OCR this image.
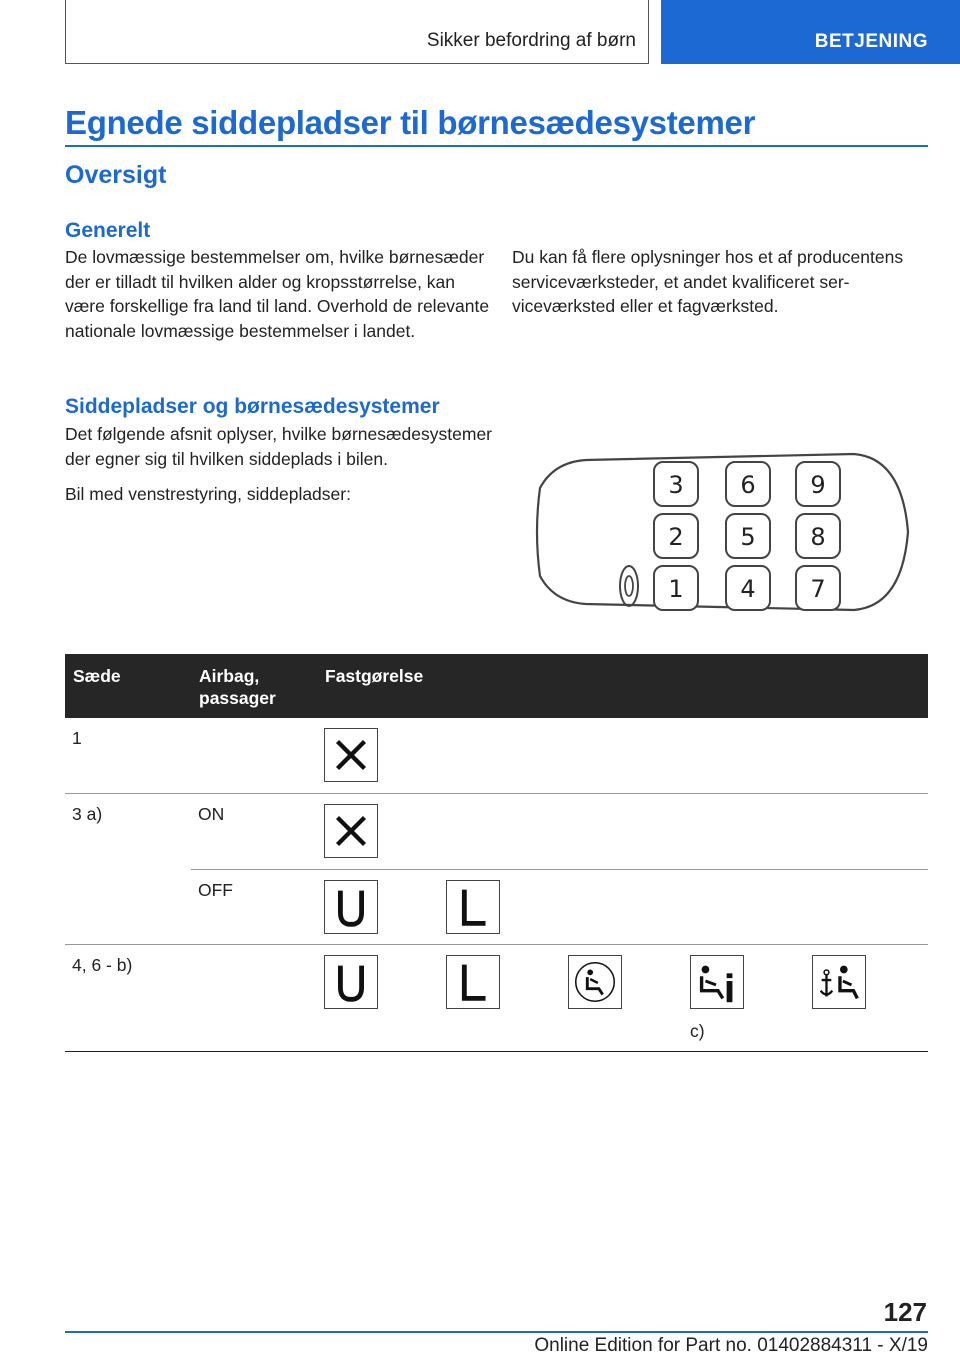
Sikker befordring af børn	BETJENING
Egnede siddepladser til børnesædesystemer
Oversigt
Generelt

De lovmæssige bestemmelser om, hvilke børnesæder der er tilladt til hvilken alder og kropsstørrelse, kan være forskellige fra land til land. Overhold de relevante nationale lovmæssige bestemmelser i landet.

Du kan få flere oplysninger hos et af producentens serviceværksteder, et andet kvalificeret serviceværksted eller et fagværksted.

Siddepladser og børnesædesystemer

Det følgende afsnit oplyser, hvilke børnesædesystemer der egner sig til hvilken siddeplads i bilen.

Bil med venstrestyring, siddepladser:	3 6 9
2 5 8
1 4 7
Sæde	Airbag, passager	Fastgørelse				

1

3 a)	ON

	OFF

4, 6 - b)					c)

127
Online Edition for Part no. 01402884311 - X/19
